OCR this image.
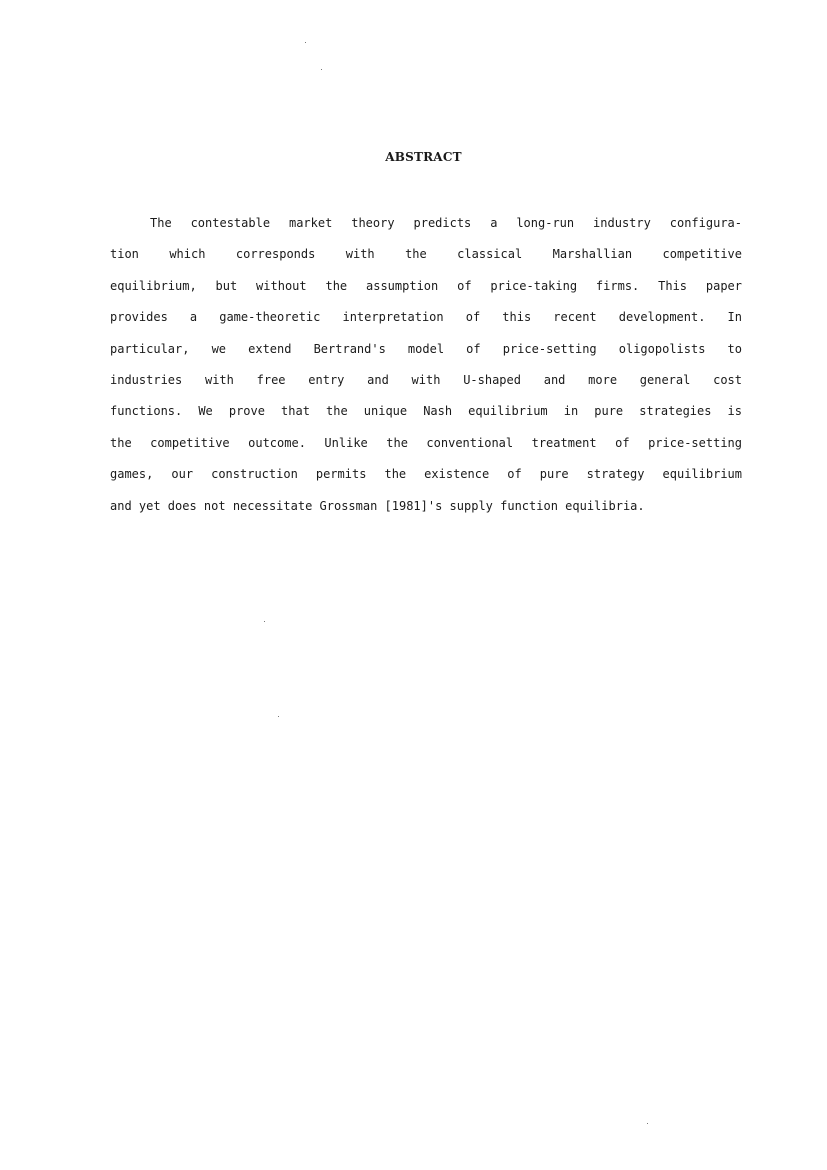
ABSTRACT
The contestable market theory predicts a long-run industry configura-
tion which corresponds with the classical Marshallian competitive
equilibrium, but without the assumption of price-taking firms. This paper
provides a game-theoretic interpretation of this recent development. In
particular, we extend Bertrand's model of price-setting oligopolists to
industries with free entry and with U-shaped and more general cost
functions. We prove that the unique Nash equilibrium in pure strategies is
the competitive outcome. Unlike the conventional treatment of price-setting
games, our construction permits the existence of pure strategy equilibrium
and yet does not necessitate Grossman [1981]'s supply function equilibria.
